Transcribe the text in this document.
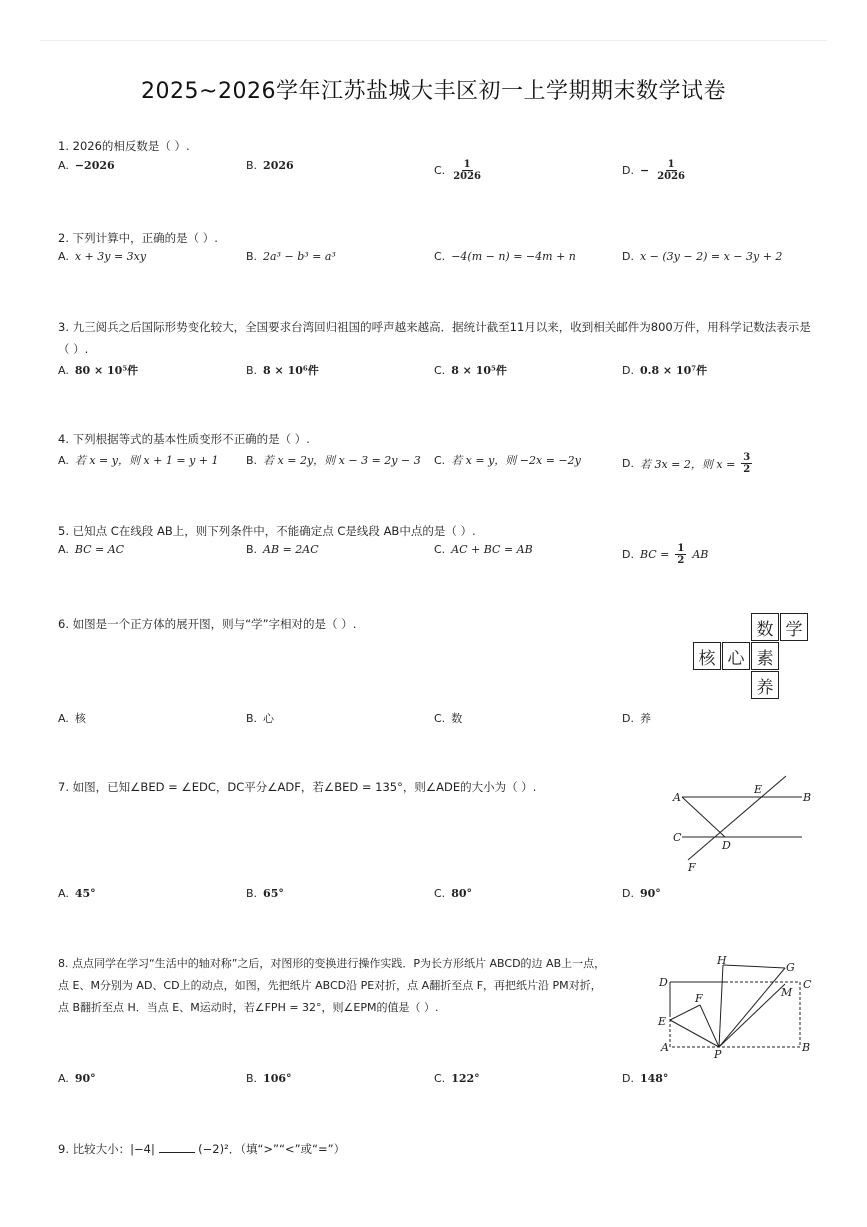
2025~2026学年江苏盐城大丰区初一上学期期末数学试卷
1. 2026的相反数是（ ）.
A. −2026	B. 2026	C. $\frac{1}{2026}$	D. − $\frac{1}{2026}$
2. 下列计算中，正确的是（ ）.
A. x + 3y = 3xy	B. 2a³ − b³ = a³	C. −4(m − n) = −4m + n	D. x − (3y − 2) = x − 3y + 2
3. 九三阅兵之后国际形势变化较大，全国要求台湾回归祖国的呼声越来越高．据统计截至11月以来，收到相关邮件为800万件，用科学记数法表示是（ ）.
A. 80 × 10⁵件	B. 8 × 10⁶件	C. 8 × 10⁵件	D. 0.8 × 10⁷件
4. 下列根据等式的基本性质变形不正确的是（ ）.
A. 若 x = y，则 x + 1 = y + 1	B. 若 x = 2y，则 x − 3 = 2y − 3 C. 若 x = y，则 −2x = −2y	D. 若 3x = 2，则 $x = \frac{3}{2}$
5. 已知点 C在线段 AB上，则下列条件中，不能确定点 C是线段 AB中点的是（ ）.
A. BC = AC	B. AB = 2AC	C. AC + BC = AB	D. BC = $\frac{1}{2}$ AB
6. 如图是一个正方体的展开图，则与“学”字相对的是（ ）.	数 学
核 心 素
养
A. 核	B. 心	C. 数	D. 养
7. 如图，已知∠BED = ∠EDC，DC平分∠ADF，若∠BED = 135°，则∠ADE的大小为（ ）.
A
E
B
C
D
F
A. 45°	B. 65°	C. 80°	D. 90°
8. 点点同学在学习“生活中的轴对称”之后，对图形的变换进行操作实践．P为长方形纸片 ABCD的边 AB上一点，
点 E、M分别为 AD、CD上的动点，如图，先把纸片 ABCD沿 PE对折，点 A翻折至点 F，再把纸片沿 PM对折，
点 B翻折至点 H．当点 E、M运动时，若∠FPH = 32°，则∠EPM的值是（ ）.
H
G
D	C
F	M
E
A
P
B
A. 90°	B. 106°	C. 122°	D. 148°
9. 比较大小：|−4|	(−2)²．（填“>”“<”或“=”）
